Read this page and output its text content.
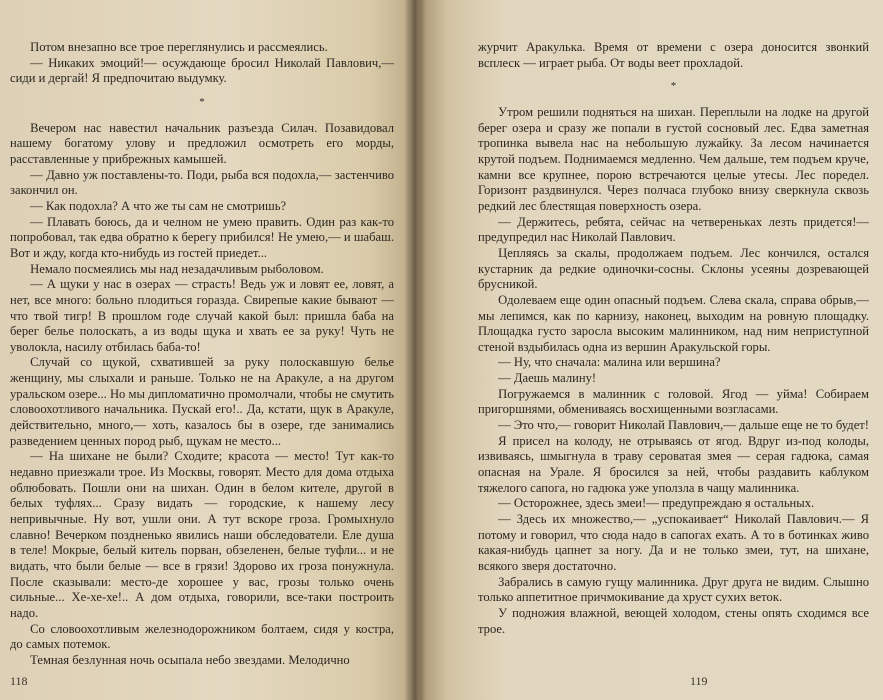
Потом внезапно все трое переглянулись и рассмеялись.

— Никаких эмоций!— осуждающе бросил Николай Павлович,— сиди и дергай! Я предпочитаю выдумку.

*

Вечером нас навестил начальник разъезда Силач. Позавидовал нашему богатому улову и предложил осмотреть его морды, расставленные у прибрежных камышей.

— Давно уж поставлены-то. Поди, рыба вся подохла,— застенчиво закончил он.

— Как подохла? А что же ты сам не смотришь?

— Плавать боюсь, да и челном не умею править. Один раз как-то попробовал, так едва обратно к берегу прибился! Не умею,— и шабаш. Вот и жду, когда кто-нибудь из гостей приедет...

Немало посмеялись мы над незадачливым рыболовом.

— А щуки у нас в озерах — страсть! Ведь уж и ловят ее, ловят, а нет, все много: больно плодиться горазда. Свирепые какие бывают — что твой тигр! В прошлом годе случай какой был: пришла баба на берег белье полоскать, а из воды щука и хвать ее за руку! Чуть не уволокла, насилу отбилась баба-то!

Случай со щукой, схватившей за руку полоскавшую белье женщину, мы слыхали и раньше. Только не на Аракуле, а на другом уральском озере... Но мы дипломатично промолчали, чтобы не смутить словоохотливого начальника. Пускай его!.. Да, кстати, щук в Аракуле, действительно, много,— хоть, казалось бы в озере, где занимались разведением ценных пород рыб, щукам не место...

— На шихане не были? Сходите; красота — место! Тут как-то недавно приезжали трое. Из Москвы, говорят. Место для дома отдыха облюбовать. Пошли они на шихан. Один в белом кителе, другой в белых туфлях... Сразу видать — городские, к нашему лесу непривычные. Ну вот, ушли они. А тут вскоре гроза. Громыхнуло славно! Вечерком поздненько явились наши обследователи. Еле душа в теле! Мокрые, белый китель порван, обзеленен, белые туфли... и не видать, что были белые — все в грязи! Здорово их гроза понужнула. После сказывали: место-де хорошее у вас, грозы только очень сильные... Хе-хе-хе!.. А дом отдыха, говорили, все-таки построить надо.

Со словоохотливым железнодорожником болтаем, сидя у костра, до самых потемок.

Темная безлунная ночь осыпала небо звездами. Мелодично

118

журчит Аракулька. Время от времени с озера доносится звонкий всплеск — играет рыба. От воды веет прохладой.

*

Утром решили подняться на шихан. Переплыли на лодке на другой берег озера и сразу же попали в густой сосновый лес. Едва заметная тропинка вывела нас на небольшую лужайку. За лесом начинается крутой подъем. Поднимаемся медленно. Чем дальше, тем подъем круче, камни все крупнее, порою встречаются целые утесы. Лес поредел. Горизонт раздвинулся. Через полчаса глубоко внизу сверкнула сквозь редкий лес блестящая поверхность озера.

— Держитесь, ребята, сейчас на четвереньках лезть придется!— предупредил нас Николай Павлович.

Цепляясь за скалы, продолжаем подъем. Лес кончился, остался кустарник да редкие одиночки-сосны. Склоны усеяны дозревающей брусникой.

Одолеваем еще один опасный подъем. Слева скала, справа обрыв,— мы лепимся, как по карнизу, наконец, выходим на ровную площадку. Площадка густо заросла высоким малинником, над ним неприступной стеной вздыбилась одна из вершин Аракульской горы.

— Ну, что сначала: малина или вершина?

— Даешь малину!

Погружаемся в малинник с головой. Ягод — уйма! Собираем пригоршнями, обмениваясь восхищенными возгласами.

— Это что,— говорит Николай Павлович,— дальше еще не то будет!

Я присел на колоду, не отрываясь от ягод. Вдруг из-под колоды, извиваясь, шмыгнула в траву сероватая змея — серая гадюка, самая опасная на Урале. Я бросился за ней, чтобы раздавить каблуком тяжелого сапога, но гадюка уже уползла в чащу малинника.

— Осторожнее, здесь змеи!— предупреждаю я остальных.

— Здесь их множество,— „успокаивает“ Николай Павлович.— Я потому и говорил, что сюда надо в сапогах ехать. А то в ботинках живо какая-нибудь цапнет за ногу. Да и не только змеи, тут, на шихане, всякого зверя достаточно.

Забрались в самую гущу малинника. Друг друга не видим. Слышно только аппетитное причмокивание да хруст сухих веток.

У подножия влажной, веющей холодом, стены опять сходимся все трое.

119
